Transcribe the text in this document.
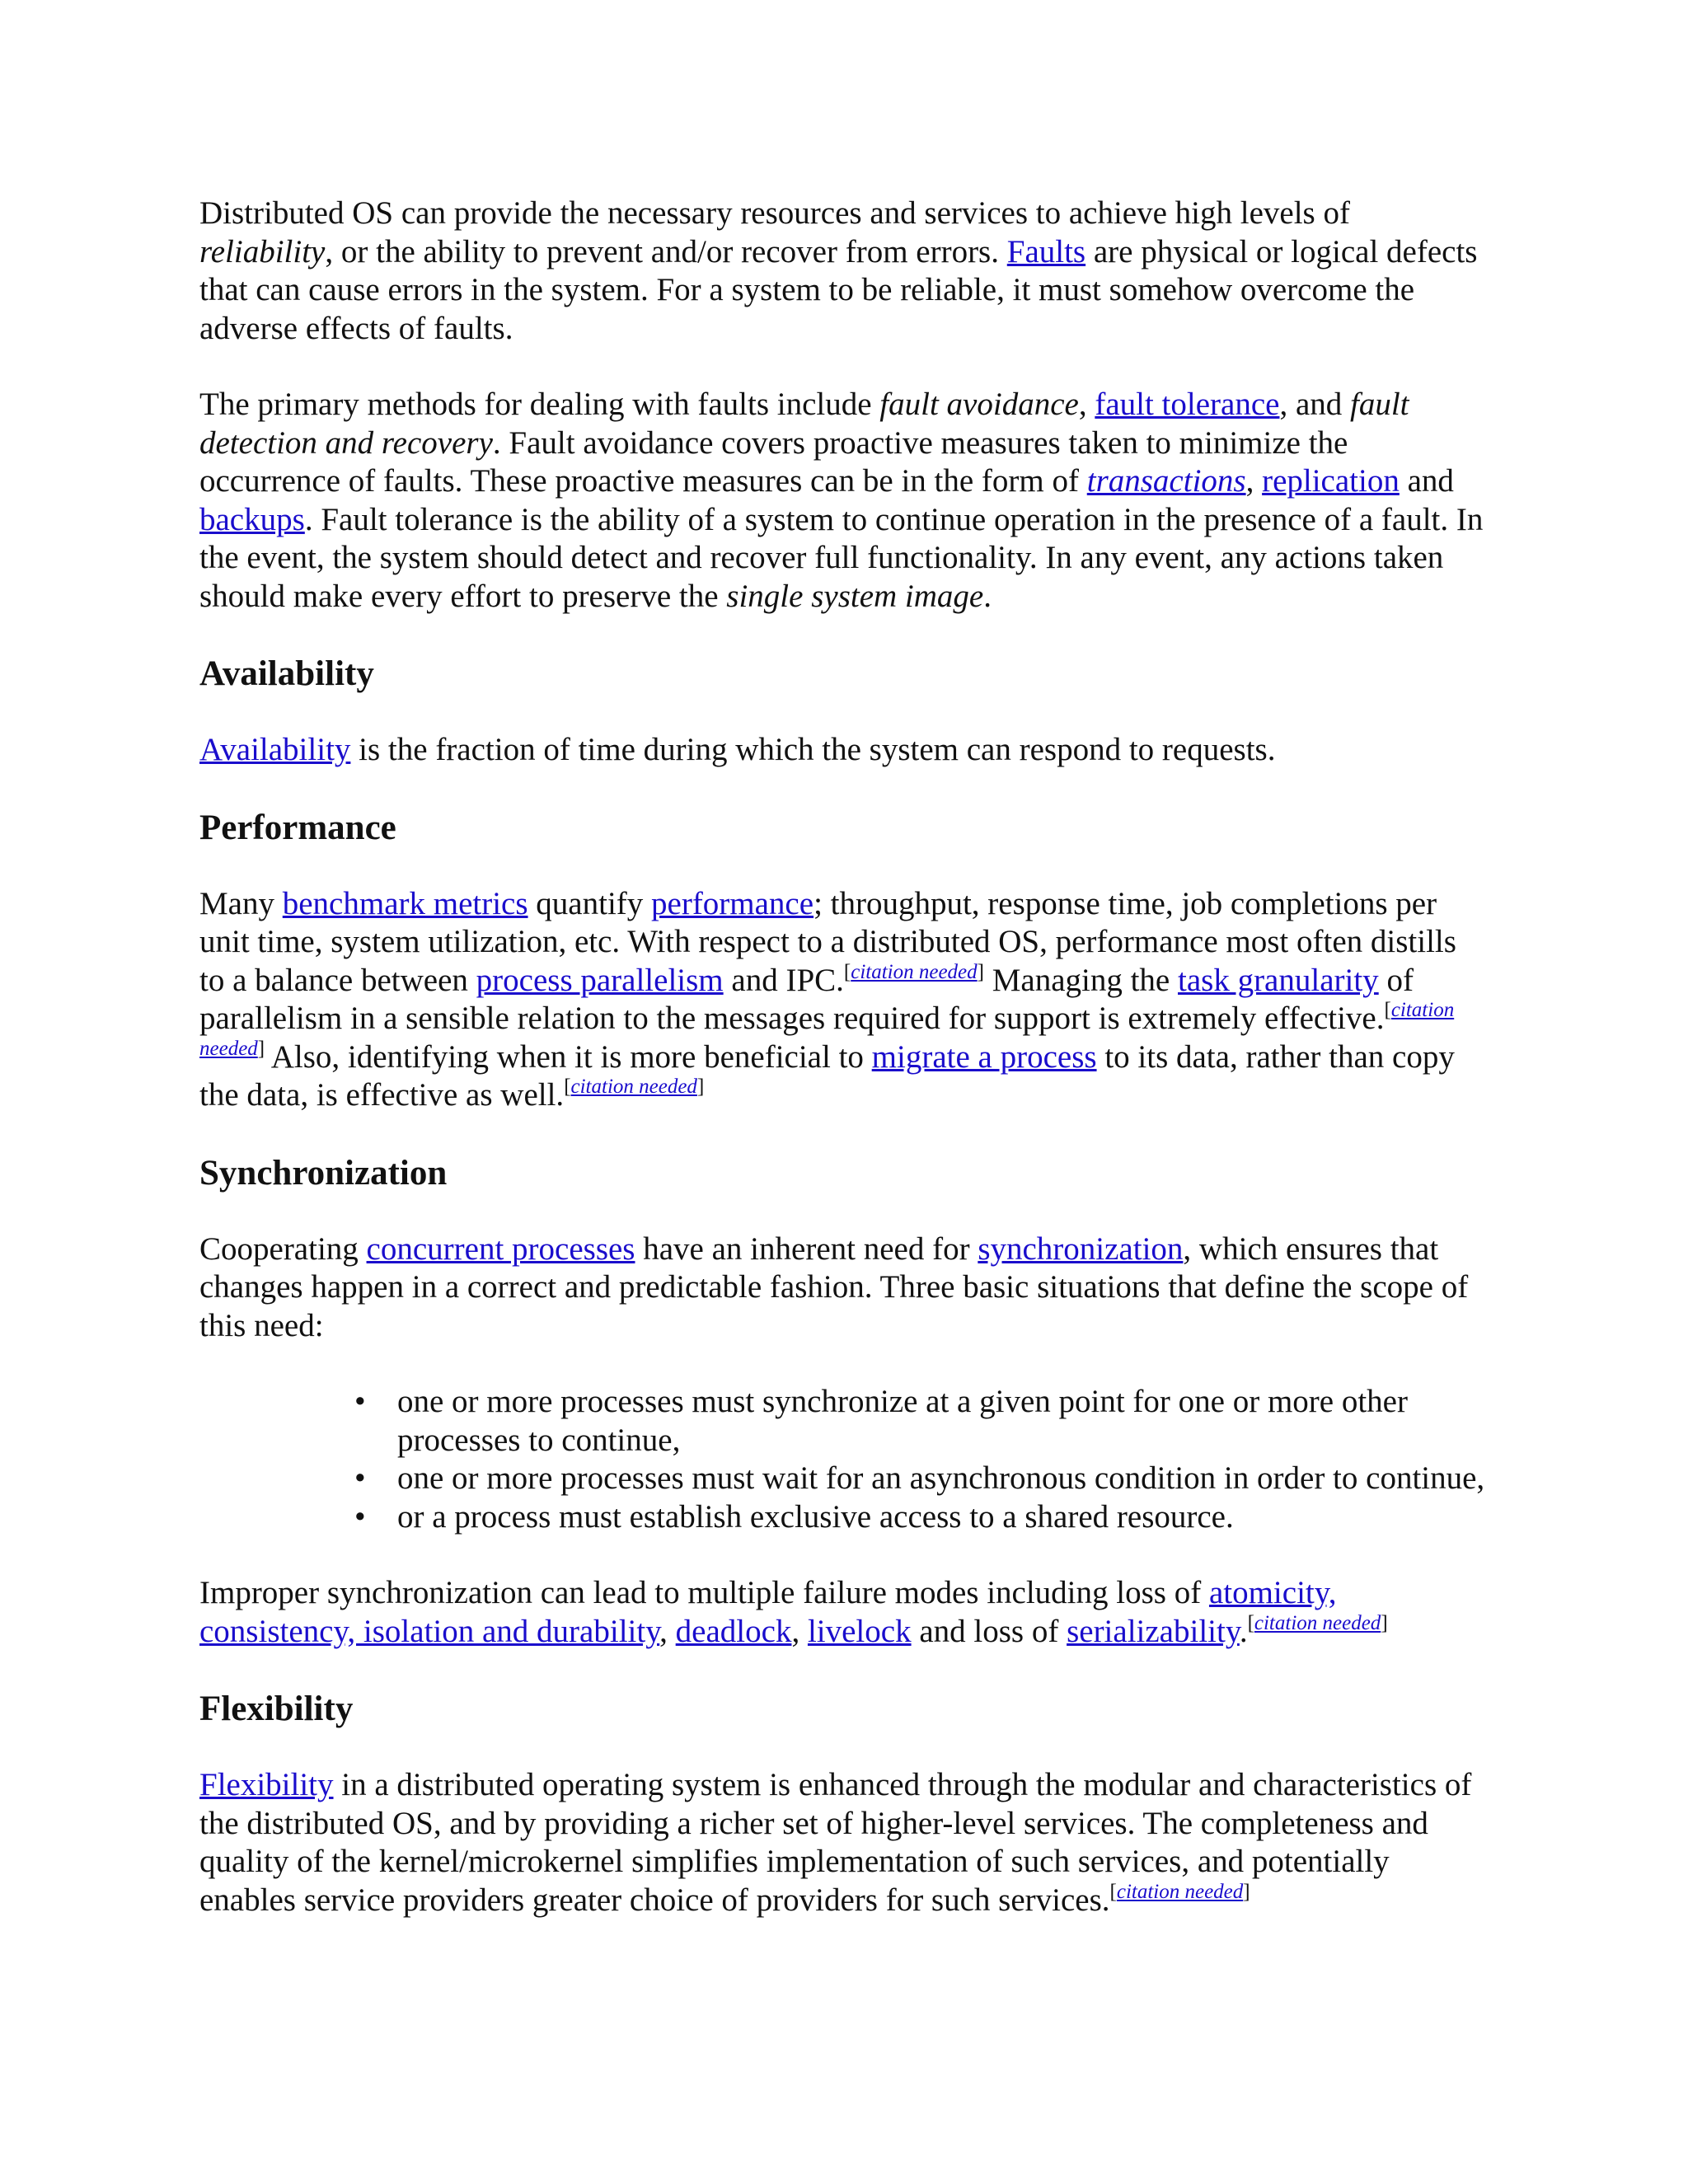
Distributed OS can provide the necessary resources and services to achieve high levels of reliability, or the ability to prevent and/or recover from errors. Faults are physical or logical defects that can cause errors in the system. For a system to be reliable, it must somehow overcome the adverse effects of faults.

The primary methods for dealing with faults include fault avoidance, fault tolerance, and fault detection and recovery. Fault avoidance covers proactive measures taken to minimize the occurrence of faults. These proactive measures can be in the form of transactions, replication and backups. Fault tolerance is the ability of a system to continue operation in the presence of a fault. In the event, the system should detect and recover full functionality. In any event, any actions taken should make every effort to preserve the single system image.

Availability

Availability is the fraction of time during which the system can respond to requests.

Performance

Many benchmark metrics quantify performance; throughput, response time, job completions per unit time, system utilization, etc. With respect to a distributed OS, performance most often distills to a balance between process parallelism and IPC.[citation needed] Managing the task granularity of parallelism in a sensible relation to the messages required for support is extremely effective.[citation needed] Also, identifying when it is more beneficial to migrate a process to its data, rather than copy the data, is effective as well.[citation needed]

Synchronization

Cooperating concurrent processes have an inherent need for synchronization, which ensures that changes happen in a correct and predictable fashion. Three basic situations that define the scope of this need:

• one or more processes must synchronize at a given point for one or more other processes to continue,
• one or more processes must wait for an asynchronous condition in order to continue,
• or a process must establish exclusive access to a shared resource.

Improper synchronization can lead to multiple failure modes including loss of atomicity, consistency, isolation and durability, deadlock, livelock and loss of serializability.[citation needed]

Flexibility

Flexibility in a distributed operating system is enhanced through the modular and characteristics of the distributed OS, and by providing a richer set of higher-level services. The completeness and quality of the kernel/microkernel simplifies implementation of such services, and potentially enables service providers greater choice of providers for such services.[citation needed]
